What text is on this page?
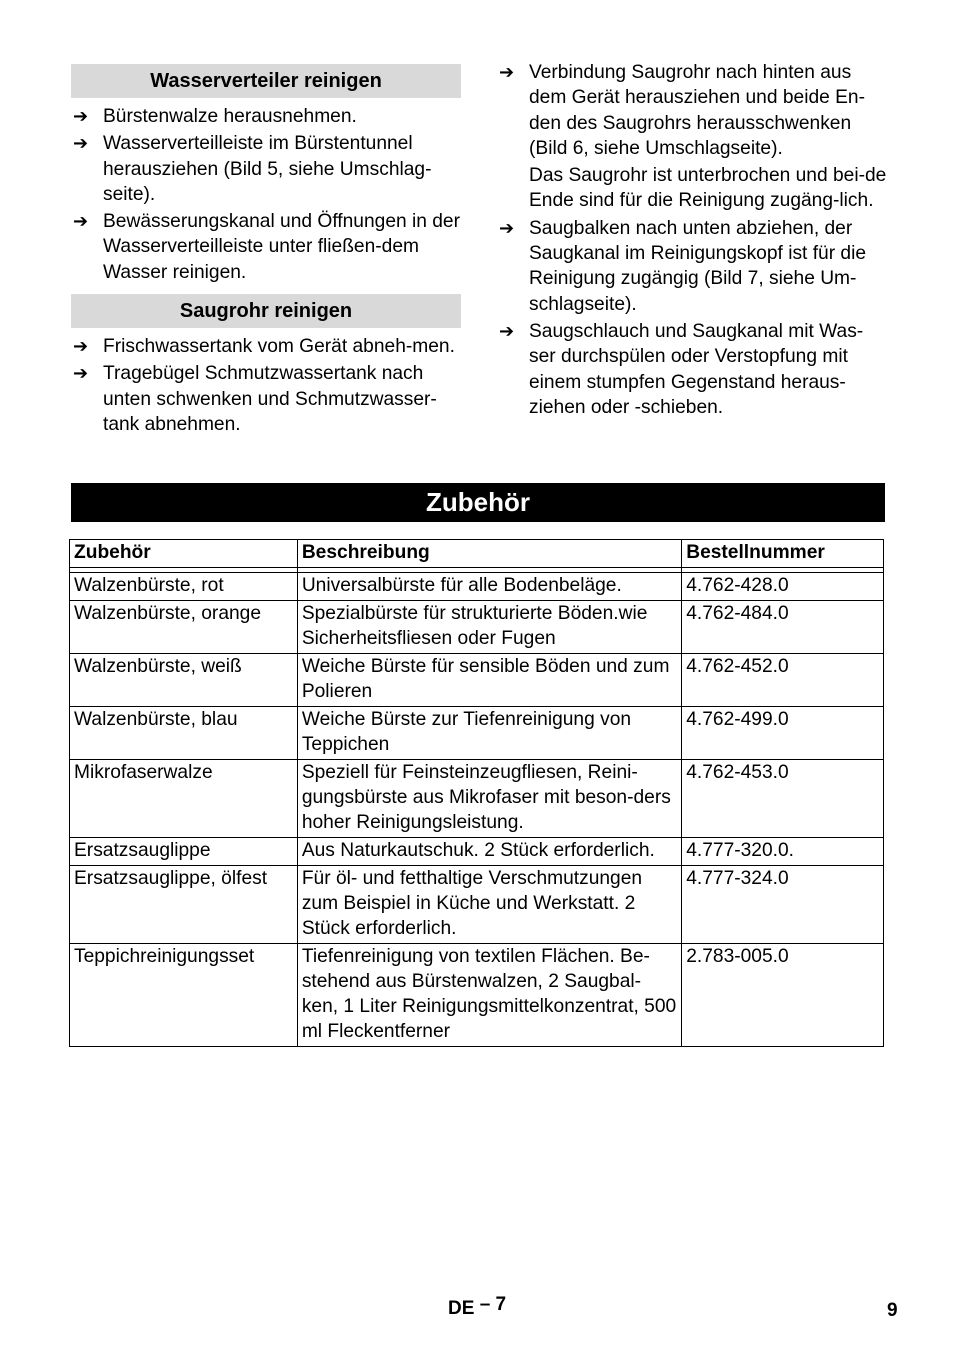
Wasserverteiler reinigen
➔ Bürstenwalze herausnehmen.
➔ Wasserverteilleiste im Bürstentunnel herausziehen (Bild 5, siehe Umschlag-seite).
➔ Bewässerungskanal und Öffnungen in der Wasserverteilleiste unter fließen-dem Wasser reinigen.
Saugrohr reinigen
➔ Frischwassertank vom Gerät abneh-men.
➔ Tragebügel Schmutzwassertank nach unten schwenken und Schmutzwasser-tank abnehmen.
➔ Verbindung Saugrohr nach hinten aus dem Gerät herausziehen und beide En-den des Saugrohrs herausschwenken (Bild 6, siehe Umschlagseite).
Das Saugrohr ist unterbrochen und bei-de Ende sind für die Reinigung zugäng-lich.
➔ Saugbalken nach unten abziehen, der Saugkanal im Reinigungskopf ist für die Reinigung zugängig (Bild 7, siehe Um-schlagseite).
➔ Saugschlauch und Saugkanal mit Was-ser durchspülen oder Verstopfung mit einem stumpfen Gegenstand heraus-ziehen oder -schieben.
Zubehör
Zubehör	Beschreibung	Bestellnummer

Walzenbürste, rot	Universalbürste für alle Bodenbeläge.	4.762-428.0
Walzenbürste, orange	Spezialbürste für strukturierte Böden.wie Sicherheitsfliesen oder Fugen	4.762-484.0
Walzenbürste, weiß	Weiche Bürste für sensible Böden und zum Polieren	4.762-452.0
Walzenbürste, blau	Weiche Bürste zur Tiefenreinigung von Teppichen	4.762-499.0
Mikrofaserwalze	Speziell für Feinsteinzeugfliesen, Reini-gungsbürste aus Mikrofaser mit beson-ders hoher Reinigungsleistung.	4.762-453.0
Ersatzsauglippe	Aus Naturkautschuk. 2 Stück erforderlich.	4.777-320.0.
Ersatzsauglippe, ölfest	Für öl- und fetthaltige Verschmutzungen zum Beispiel in Küche und Werkstatt. 2 Stück erforderlich.	4.777-324.0
Teppichreinigungsset	Tiefenreinigung von textilen Flächen. Be-stehend aus Bürstenwalzen, 2 Saugbal-ken, 1 Liter Reinigungsmittelkonzentrat, 500 ml Fleckentferner	2.783-005.0
DE – 7	9
